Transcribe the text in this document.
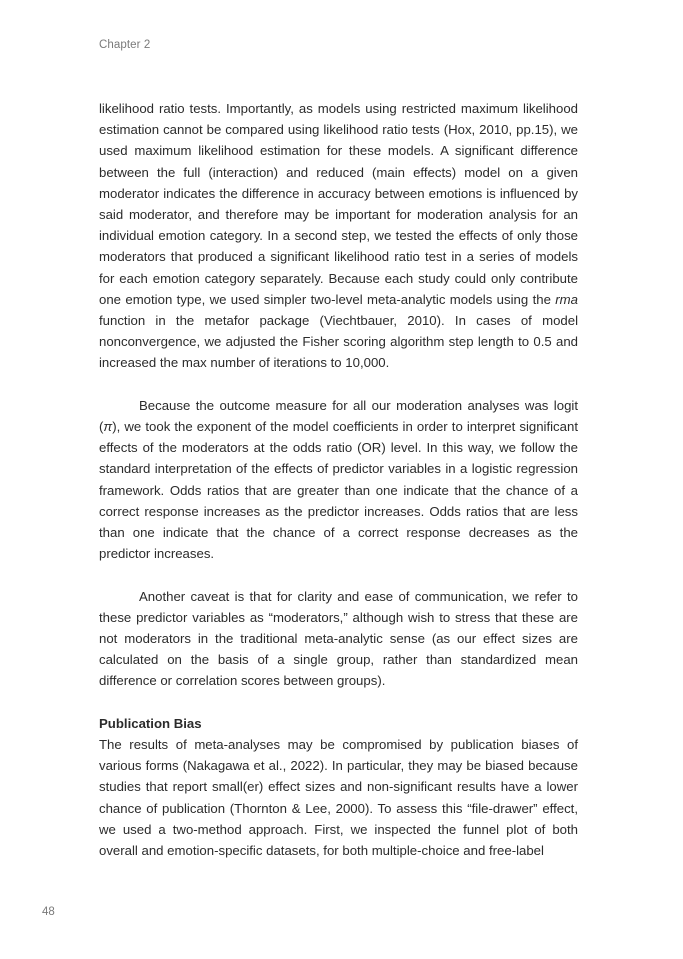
Chapter 2

likelihood ratio tests. Importantly, as models using restricted maximum likelihood estimation cannot be compared using likelihood ratio tests (Hox, 2010, pp.15), we used maximum likelihood estimation for these models. A significant difference between the full (interaction) and reduced (main effects) model on a given moderator indicates the difference in accuracy between emotions is influenced by said moderator, and therefore may be important for moderation analysis for an individual emotion category. In a second step, we tested the effects of only those moderators that produced a significant likelihood ratio test in a series of models for each emotion category separately. Because each study could only contribute one emotion type, we used simpler two-level meta-analytic models using the rma function in the metafor package (Viechtbauer, 2010). In cases of model nonconvergence, we adjusted the Fisher scoring algorithm step length to 0.5 and increased the max number of iterations to 10,000.

Because the outcome measure for all our moderation analyses was logit (π), we took the exponent of the model coefficients in order to interpret significant effects of the moderators at the odds ratio (OR) level. In this way, we follow the standard interpretation of the effects of predictor variables in a logistic regression framework. Odds ratios that are greater than one indicate that the chance of a correct response increases as the predictor increases. Odds ratios that are less than one indicate that the chance of a correct response decreases as the predictor increases.

Another caveat is that for clarity and ease of communication, we refer to these predictor variables as “moderators,” although wish to stress that these are not moderators in the traditional meta-analytic sense (as our effect sizes are calculated on the basis of a single group, rather than standardized mean difference or correlation scores between groups).

Publication Bias

The results of meta-analyses may be compromised by publication biases of various forms (Nakagawa et al., 2022). In particular, they may be biased because studies that report small(er) effect sizes and non-significant results have a lower chance of publication (Thornton & Lee, 2000). To assess this “file-drawer” effect, we used a two-method approach. First, we inspected the funnel plot of both overall and emotion-specific datasets, for both multiple-choice and free-label

48
